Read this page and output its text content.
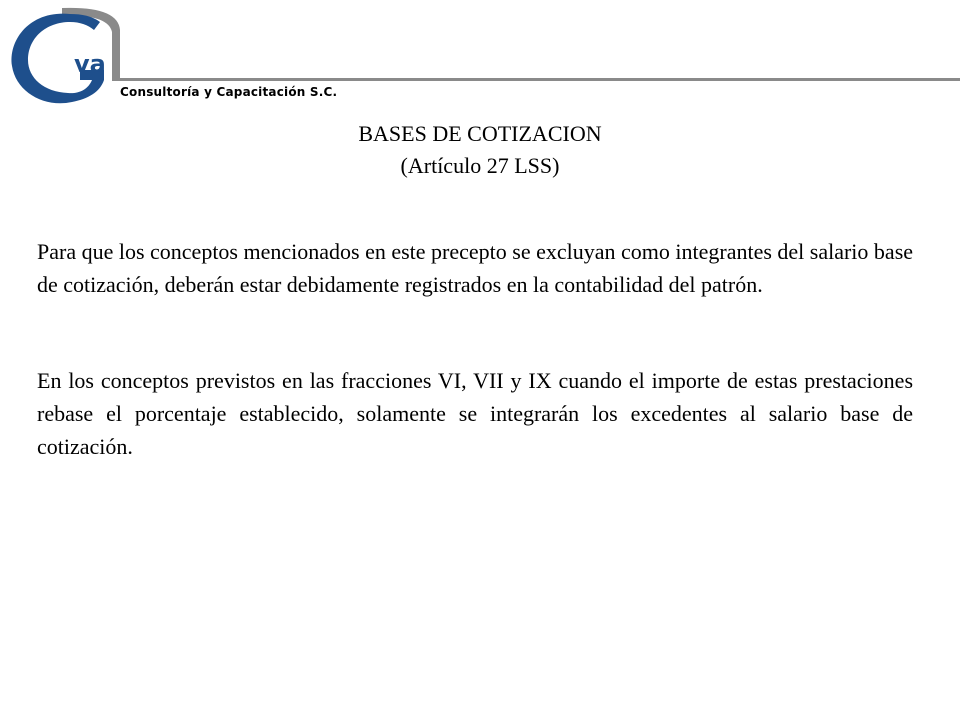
va
Consultoría y Capacitación S.C.
BASES DE COTIZACION
(Artículo 27 LSS)

Para que los conceptos mencionados en este precepto se excluyan como integrantes del salario base de cotización, deberán estar debidamente registrados en la contabilidad del patrón.

En los conceptos previstos en las fracciones VI, VII y IX cuando el importe de estas prestaciones rebase el porcentaje establecido, solamente se integrarán los excedentes al salario base de cotización.
